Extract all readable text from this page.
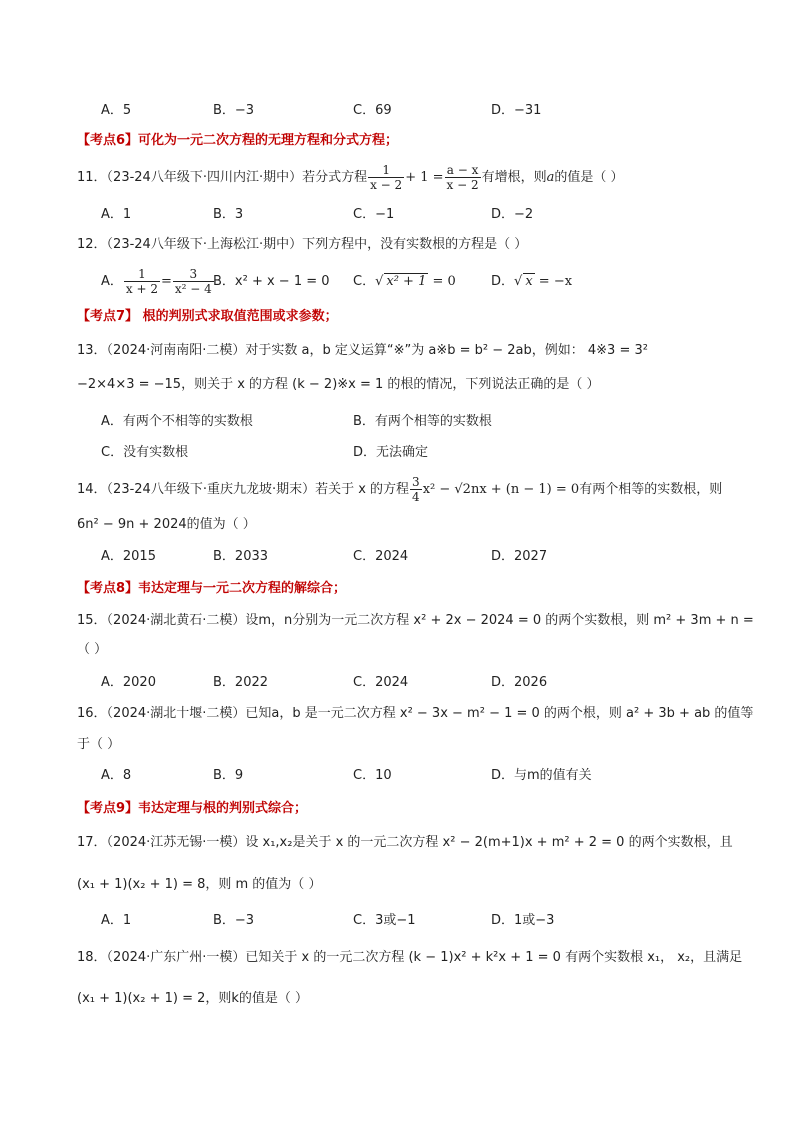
A．5	B．−3	C．69	D．−31
【考点6】可化为一元二次方程的无理方程和分式方程；
11．（23-24八年级下·四川内江·期中）若分式方程 $\frac{1}{x - 2} + 1 = \frac{a - x}{x - 2}$ 有增根，则a的值是（ ）
A．1	B．3	C．−1	D．−2
12．（23-24八年级下·上海松江·期中）下列方程中，没有实数根的方程是（ ）
A． $\frac{1}{x + 2} = \frac{3}{\text{x² − 4}}$ B．x² + x − 1 = 0 C．√ x² + 1 = 0	D．√ x = −x
【考点7】 根的判别式求取值范围或求参数；
13．（2024·河南南阳·二模）对于实数 a，b 定义运算“※”为 a※b = b² − 2ab，例如： 4※3 = 3²
−2×4×3 = −15，则关于 x 的方程 (k − 2)※x = 1 的根的情况，下列说法正确的是（ ）
A．有两个不相等的实数根	B．有两个相等的实数根
C．没有实数根	D．无法确定
14．（23-24八年级下·重庆九龙坡·期末）若关于 x 的方程 $\frac{3}{4} x^2 - √2nx + (n - 1) = 0$有两个相等的实数根，则
6n² − 9n + 2024的值为（ ）
A．2015	B．2033	C．2024	D．2027
【考点8】韦达定理与一元二次方程的解综合；
15．（2024·湖北黄石·二模）设m，n分别为一元二次方程 x² + 2x − 2024 = 0 的两个实数根，则 m² + 3m + n =
（ ）
A．2020	B．2022	C．2024	D．2026
16．（2024·湖北十堰·二模）已知a，b 是一元二次方程 x² − 3x − m² − 1 = 0 的两个根，则 a² + 3b + ab 的值等
于（ ）
A．8	B．9	C．10	D．与m的值有关
【考点9】韦达定理与根的判别式综合；
17．（2024·江苏无锡·一模）设 x₁,x₂是关于 x 的一元二次方程 x² − 2(m+1)x + m² + 2 = 0 的两个实数根，且
(x₁ + 1)(x₂ + 1) = 8，则 m 的值为（ ）
A．1	B．−3	C．3或−1	D．1或−3
18．（2024·广东广州·一模）已知关于 x 的一元二次方程 (k − 1)x² + k²x + 1 = 0 有两个实数根 x₁， x₂，且满足
(x₁ + 1)(x₂ + 1) = 2，则k的值是（ ）
